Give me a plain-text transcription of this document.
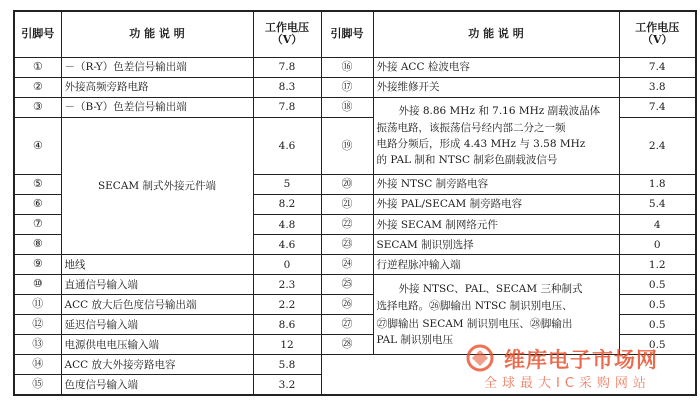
引脚号	功 能 说 明	工作电压
（V）	引脚号	功 能 说 明	工作电压
（V）

①	－（R-Y）色差信号输出端	7.8	⑯	外接 ACC 检波电容	7.4
②	外接高频旁路电路	8.3	⑰	外接维修开关	3.8
③	－（B-Y）色差信号输出端	7.8	⑱	外接 8.86 MHz 和 7.16 MHz 副载波晶体
振荡电路，该振荡信号经内部二分之一频
电路分频后，形成 4.43 MHz 与 3.58 MHz
的 PAL 制和 NTSC 制彩色副载波信号	7.4
④	SECAM 制式外接元件端	4.6	⑲		2.4
⑤		5	⑳	外接 NTSC 制旁路电容	1.8
⑥		8.2	㉑	外接 PAL/SECAM 制旁路电容	5.4
⑦		4.8	㉒	外接 SECAM 制网络元件	4
⑧		4.6	㉓	SECAM 制识别选择	0
⑨	地线	0	㉔	行逆程脉冲输入端	1.2
⑩	直通信号输入端	2.3	㉕	外接 NTSC、PAL、SECAM 三种制式
选择电路。㉖脚输出 NTSC 制识别电压、
㉗脚输出 SECAM 制识别电压、㉘脚输出
PAL 制识别电压	0.5
⑪	ACC 放大后色度信号输出端	2.2	㉖		0.5
⑫	延迟信号输入端	8.6	㉗		0.5
⑬	电源供电电压输入端	12	㉘		0.5
⑭	ACC 放大外接旁路电容	5.8			
⑮	色度信号输入端	3.2			
维库电子市场网
全球最大IC采购网站
